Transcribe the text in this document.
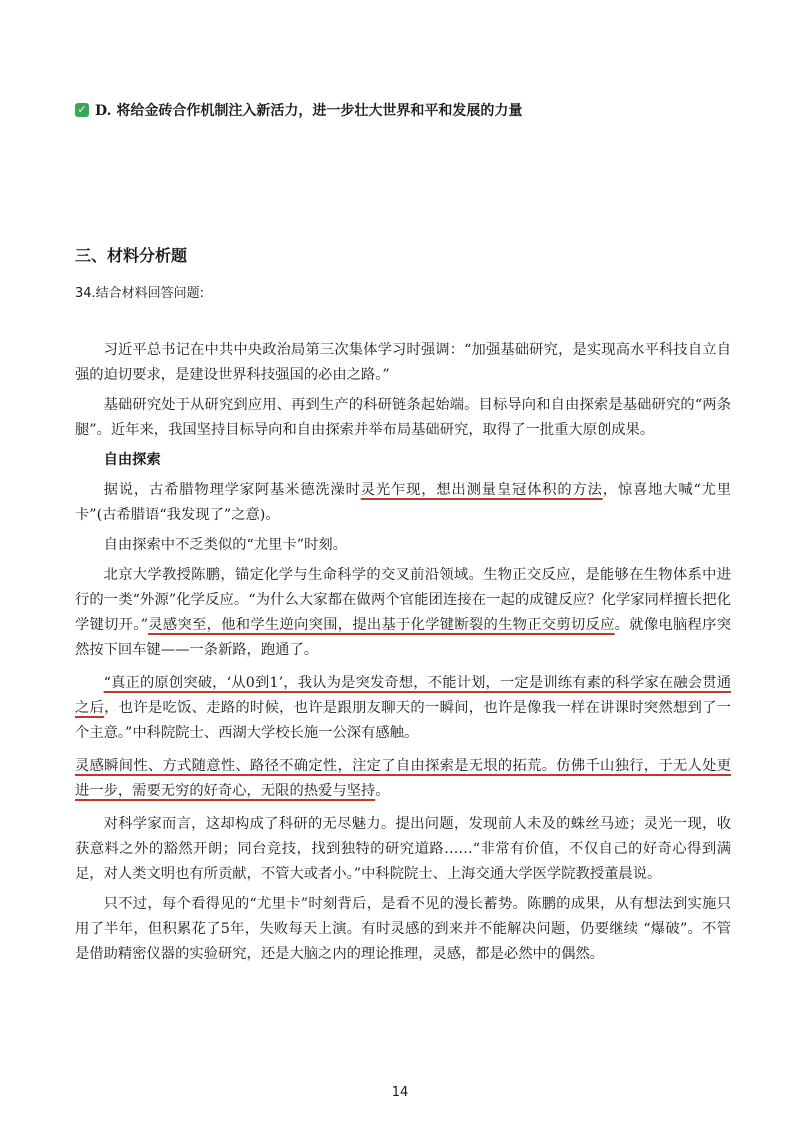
✓ D. 将给金砖合作机制注入新活力，进一步壮大世界和平和发展的力量
三、材料分析题
34.结合材料回答问题:

习近平总书记在中共中央政治局第三次集体学习时强调：“加强基础研究，是实现高水平科技自立自强的迫切要求，是建设世界科技强国的必由之路。”

基础研究处于从研究到应用、再到生产的科研链条起始端。目标导向和自由探索是基础研究的“两条腿”。近年来，我国坚持目标导向和自由探索并举布局基础研究，取得了一批重大原创成果。

自由探索

据说，古希腊物理学家阿基米德洗澡时灵光乍现，想出测量皇冠体积的方法，惊喜地大喊“尤里卡”(古希腊语“我发现了”之意)。

自由探索中不乏类似的“尤里卡”时刻。

北京大学教授陈鹏，锚定化学与生命科学的交叉前沿领域。生物正交反应，是能够在生物体系中进行的一类“外源”化学反应。“为什么大家都在做两个官能团连接在一起的成键反应？化学家同样擅长把化学键切开。”灵感突至，他和学生逆向突围，提出基于化学键断裂的生物正交剪切反应。就像电脑程序突然按下回车键——一条新路，跑通了。

“真正的原创突破，‘从0到1’，我认为是突发奇想，不能计划，一定是训练有素的科学家在融会贯通之后，也许是吃饭、走路的时候，也许是跟朋友聊天的一瞬间，也许是像我一样在讲课时突然想到了一个主意。”中科院院士、西湖大学校长施一公深有感触。

灵感瞬间性、方式随意性、路径不确定性，注定了自由探索是无垠的拓荒。仿佛千山独行，于无人处更进一步，需要无穷的好奇心，无限的热爱与坚持。

对科学家而言，这却构成了科研的无尽魅力。提出问题，发现前人未及的蛛丝马迹；灵光一现，收获意料之外的豁然开朗；同台竞技，找到独特的研究道路……“非常有价值，不仅自己的好奇心得到满足，对人类文明也有所贡献，不管大或者小。”中科院院士、上海交通大学医学院教授董晨说。

只不过，每个看得见的“尤里卡”时刻背后，是看不见的漫长蓄势。陈鹏的成果，从有想法到实施只用了半年，但积累花了5年，失败每天上演。有时灵感的到来并不能解决问题，仍要继续 “爆破”。不管是借助精密仪器的实验研究，还是大脑之内的理论推理，灵感，都是必然中的偶然。

14
